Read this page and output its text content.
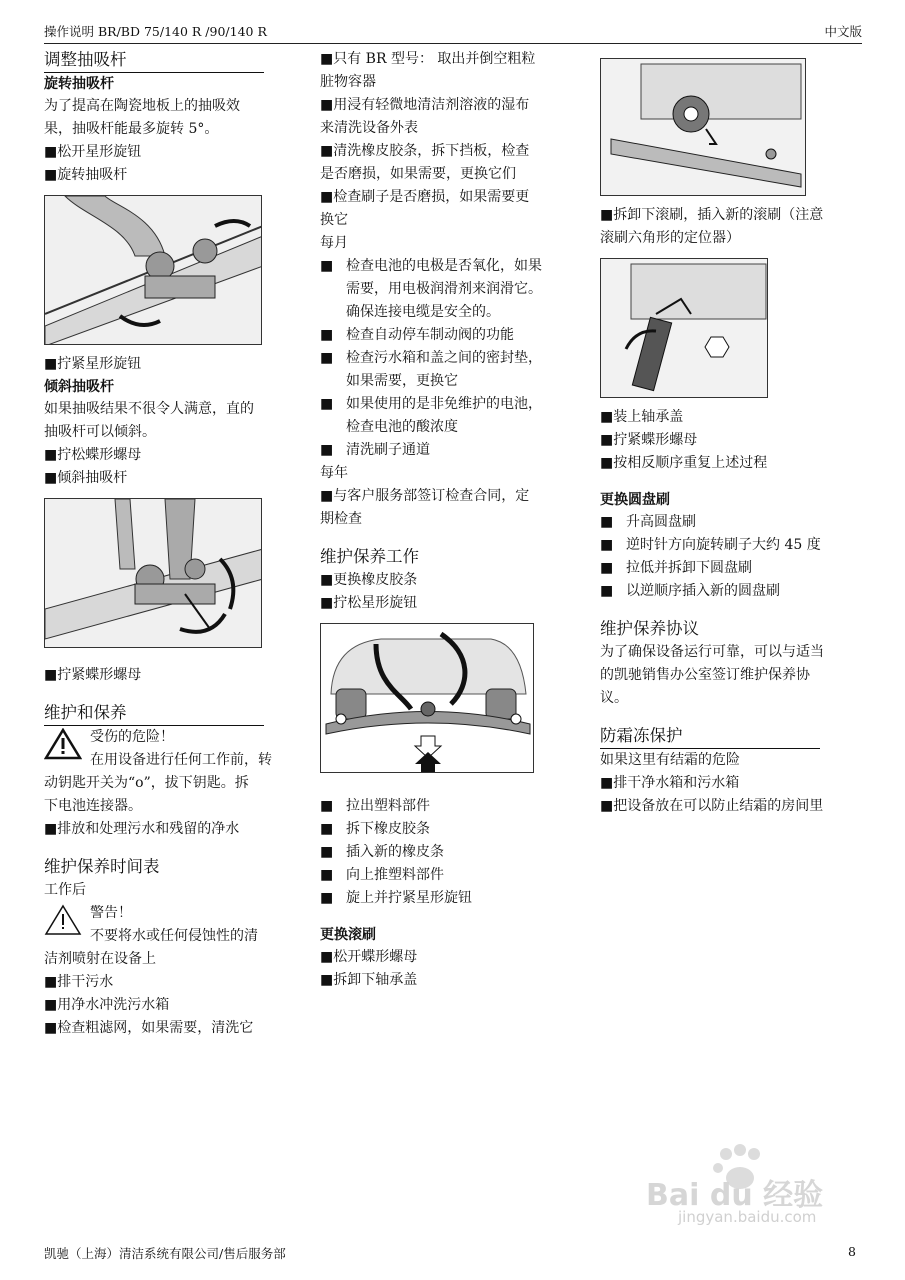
操作说明 BR/BD 75/140 R /90/140 R	中文版
调整抽吸杆
旋转抽吸杆
为了提高在陶瓷地板上的抽吸效
果，抽吸杆能最多旋转 5°。
■松开星形旋钮
■旋转抽吸杆
■拧紧星形旋钮
倾斜抽吸杆
如果抽吸结果不很令人满意，直的
抽吸杆可以倾斜。
■拧松蝶形螺母
■倾斜抽吸杆
■拧紧蝶形螺母
维护和保养
受伤的危险！
在用设备进行任何工作前，转
动钥匙开关为“o”，拔下钥匙。拆
下电池连接器。
■排放和处理污水和残留的净水
维护保养时间表
工作后
警告！
不要将水或任何侵蚀性的清
洁剂喷射在设备上
■排干污水
■用净水冲洗污水箱
■检查粗滤网，如果需要，清洗它
■只有 BR 型号： 取出并倒空粗粒
脏物容器
■用浸有轻微地清洁剂溶液的湿布
来清洗设备外表
■清洗橡皮胶条，拆下挡板，检查
是否磨损，如果需要，更换它们
■检查刷子是否磨损，如果需要更
换它
每月
■ 检查电池的电极是否氧化，如果
需要，用电极润滑剂来润滑它。
确保连接电缆是安全的。
■ 检查自动停车制动阀的功能
■ 检查污水箱和盖之间的密封垫，
如果需要，更换它
■ 如果使用的是非免维护的电池，
检查电池的酸浓度
■ 清洗刷子通道
每年
■与客户服务部签订检查合同，定
期检查
维护保养工作
■更换橡皮胶条
■拧松星形旋钮
■ 拉出塑料部件
■ 拆下橡皮胶条
■ 插入新的橡皮条
■ 向上推塑料部件
■ 旋上并拧紧星形旋钮
更换滚刷
■松开蝶形螺母
■拆卸下轴承盖
■拆卸下滚刷，插入新的滚刷（注意
滚刷六角形的定位器）
■装上轴承盖
■拧紧蝶形螺母
■按相反顺序重复上述过程
更换圆盘刷
■ 升高圆盘刷
■ 逆时针方向旋转刷子大约 45 度
■ 拉低并拆卸下圆盘刷
■ 以逆顺序插入新的圆盘刷
维护保养协议
为了确保设备运行可靠，可以与适当
的凯驰销售办公室签订维护保养协
议。
防霜冻保护
如果这里有结霜的危险
■排干净水箱和污水箱
■把设备放在可以防止结霜的房间里
Bai du 经验
jingyan.baidu.com
凯驰（上海）清洁系统有限公司/售后服务部	8
